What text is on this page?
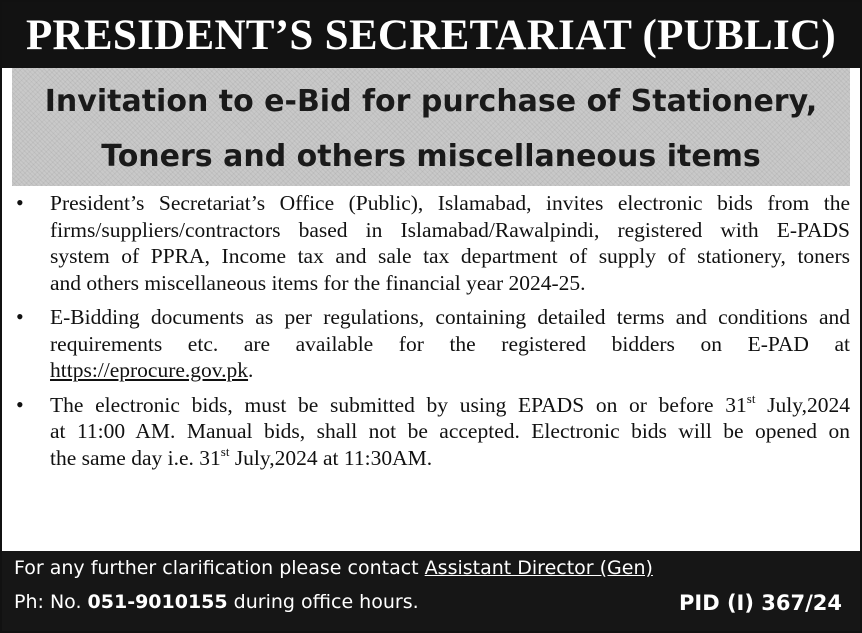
PRESIDENT’S SECRETARIAT (PUBLIC)
Invitation to e-Bid for purchase of Stationery,
Toners and others miscellaneous items
• President’s Secretariat’s Office (Public), Islamabad, invites electronic bids from the
firms/suppliers/contractors based in Islamabad/Rawalpindi, registered with E-PADS
system of PPRA, Income tax and sale tax department of supply of stationery, toners
and others miscellaneous items for the financial year 2024-25.
• E-Bidding documents as per regulations, containing detailed terms and conditions and
requirements etc. are available for the registered bidders on E-PAD at
https://eprocure.gov.pk.
• The electronic bids, must be submitted by using EPADS on or before 31st July,2024
at 11:00 AM. Manual bids, shall not be accepted. Electronic bids will be opened on
the same day i.e. 31st July,2024 at 11:30AM.
For any further clarification please contact Assistant Director (Gen)
Ph: No. 051-9010155 during office hours.	PID (I) 367/24
